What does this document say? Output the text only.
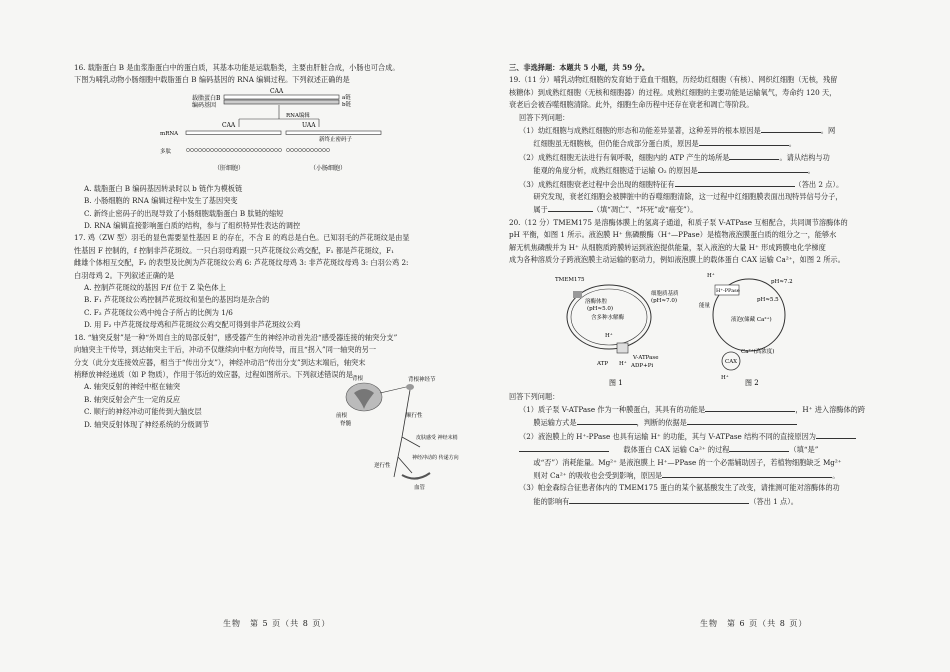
16. 载脂蛋白 B 是血浆脂蛋白中的蛋白质，其基本功能是运载脂类，主要由肝脏合成，小肠也可合成。

下图为哺乳动物小肠细胞中载脂蛋白 B 编码基因的 RNA 编辑过程。下列叙述正确的是

载脂蛋白B 编码基因
CAA
a链
b链
RNA编辑
mRNA
CAA	UAA
新终止密码子
多肽
（肝细胞）	（小肠细胞）

A. 载脂蛋白 B 编码基因转录时以 b 链作为模板链

B. 小肠细胞的 RNA 编辑过程中发生了基因突变

C. 新终止密码子的出现导致了小肠细胞载脂蛋白 B 肽链的缩短

D. RNA 编辑直接影响蛋白质的结构，参与了组织特异性表达的调控

17. 鸡（ZW 型）羽毛的显色需要显性基因 E 的存在，不含 E 的鸡总是白色。已知羽毛的芦花斑纹是由显

性基因 F 控制的，f 控制非芦花斑纹。一只白羽母鸡跟一只芦花斑纹公鸡交配，F₁ 都是芦花斑纹，F₁

雌雄个体相互交配，F₂ 的表型及比例为芦花斑纹公鸡 6: 芦花斑纹母鸡 3: 非芦花斑纹母鸡 3: 白羽公鸡 2:

白羽母鸡 2。下列叙述正确的是

A. 控制芦花斑纹的基因 F/f 位于 Z 染色体上

B. F₁ 芦花斑纹公鸡控制芦花斑纹和显色的基因均是杂合的

C. F₂ 芦花斑纹公鸡中纯合子所占的比例为 1/6

D. 用 F₂ 中芦花斑纹母鸡和芦花斑纹公鸡交配可得到非芦花斑纹公鸡

18. “轴突反射”是一种“外周自主的局部反射”，感受器产生的神经冲动首先沿“感受器连接的轴突分支”

向轴突主干传导，到达轴突主干后，冲动不仅继续向中枢方向传导，而且“拐入”同一轴突的另一

分支（此分支连接效应器，相当于“传出分支”），神经冲动沿“传出分支”到达末端后，轴突末

梢释放神经递质（如 P 物质），作用于邻近的效应器，过程如图所示。下列叙述错误的是

A. 轴突反射的神经中枢在轴突

B. 轴突反射会产生一定的反应

C. 顺行的神经冲动可能传到大脑皮层

D. 轴突反射体现了神经系统的分级调节

背根	背根神经节
前根
脊髓
顺行性
皮肤感受 神经末梢
神经冲动的 传递方向
逆行性
血管
生物　第 5 页（共 8 页）

三、非选择题：本题共 5 小题，共 59 分。

19.（11 分）哺乳动物红细胞的发育始于造血干细胞，历经幼红细胞（有核）、网织红细胞（无核，残留

核糖体）到成熟红细胞（无核和细胞器）的过程。成熟红细胞的主要功能是运输氧气，寿命约 120 天，

衰老后会被吞噬细胞清除。此外，细胞生命历程中还存在衰老和凋亡等阶段。

回答下列问题：

（1）幼红细胞与成熟红细胞的形态和功能差异显著，这种差异的根本原因是	。网

　　红细胞虽无细胞核，但仍能合成部分蛋白质，原因是	。

（2）成熟红细胞无法进行有氧呼吸，细胞内的 ATP 产生的场所是	。请从结构与功

　　能观的角度分析，成熟红细胞适于运输 O₂ 的原因是	。

（3）成熟红细胞衰老过程中会出现的细胞特征有	（答出 2 点）。

　　研究发现，衰老红细胞会被脾脏中的吞噬细胞清除，这一过程中红细胞膜表面出现特异信号分子，

　　属于	（填“凋亡”、“坏死”或“癌变”）。

20.（12 分）TMEM175 是溶酶体膜上的氢离子通道，和质子泵 V-ATPase 互相配合，共同调节溶酶体的

pH 平衡，如图 1 所示。液泡膜 H⁺ 焦磷酸酶（H⁺—PPase）是植物液泡膜蛋白质的组分之一，能够水

解无机焦磷酸并为 H⁺ 从细胞质跨膜转运到液泡提供能量，泵入液泡的大量 H⁺ 形成跨膜电化学梯度

成为各种溶质分子跨液泡膜主动运输的驱动力，例如液泡膜上的载体蛋白 CAX 运输 Ca²⁺，如图 2 所示。

TMEM175
溶酶体腔
(pH≈5.0)
含多种水解酶
细胞质基质
(pH≈7.0)
H⁺
V-ATPase
ATP	ADP+Pi
H⁺
图 1
H⁺
H⁺-PPase
pH≈7.2
pH≈5.5
能量
液泡(储藏 Ca²⁺)
CAX
Ca²⁺(高浓度)
H⁺
图 2

回答下列问题：

（1）质子泵 V-ATPase 作为一种膜蛋白，其具有的功能是	，H⁺ 进入溶酶体的跨

　　膜运输方式是	，判断的依据是

（2）液泡膜上的 H⁺-PPase 也具有运输 H⁺ 的功能，其与 V-ATPase 结构不同的直接原因为

　　载体蛋白 CAX 运输 Ca²⁺ 的过程	（填“是”

　　或“否”）消耗能量。Mg²⁺ 是液泡膜上 H⁺—PPase 的一个必需辅助因子，若植物细胞缺乏 Mg²⁺

　　则对 Ca²⁺ 的吸收也会受到影响，原因是	。

（3）帕金森综合征患者体内的 TMEM175 蛋白的某个氨基酸发生了改变，请推测可能对溶酶体的功

　　能的影响有	（答出 1 点）。

生物　第 6 页（共 8 页）
